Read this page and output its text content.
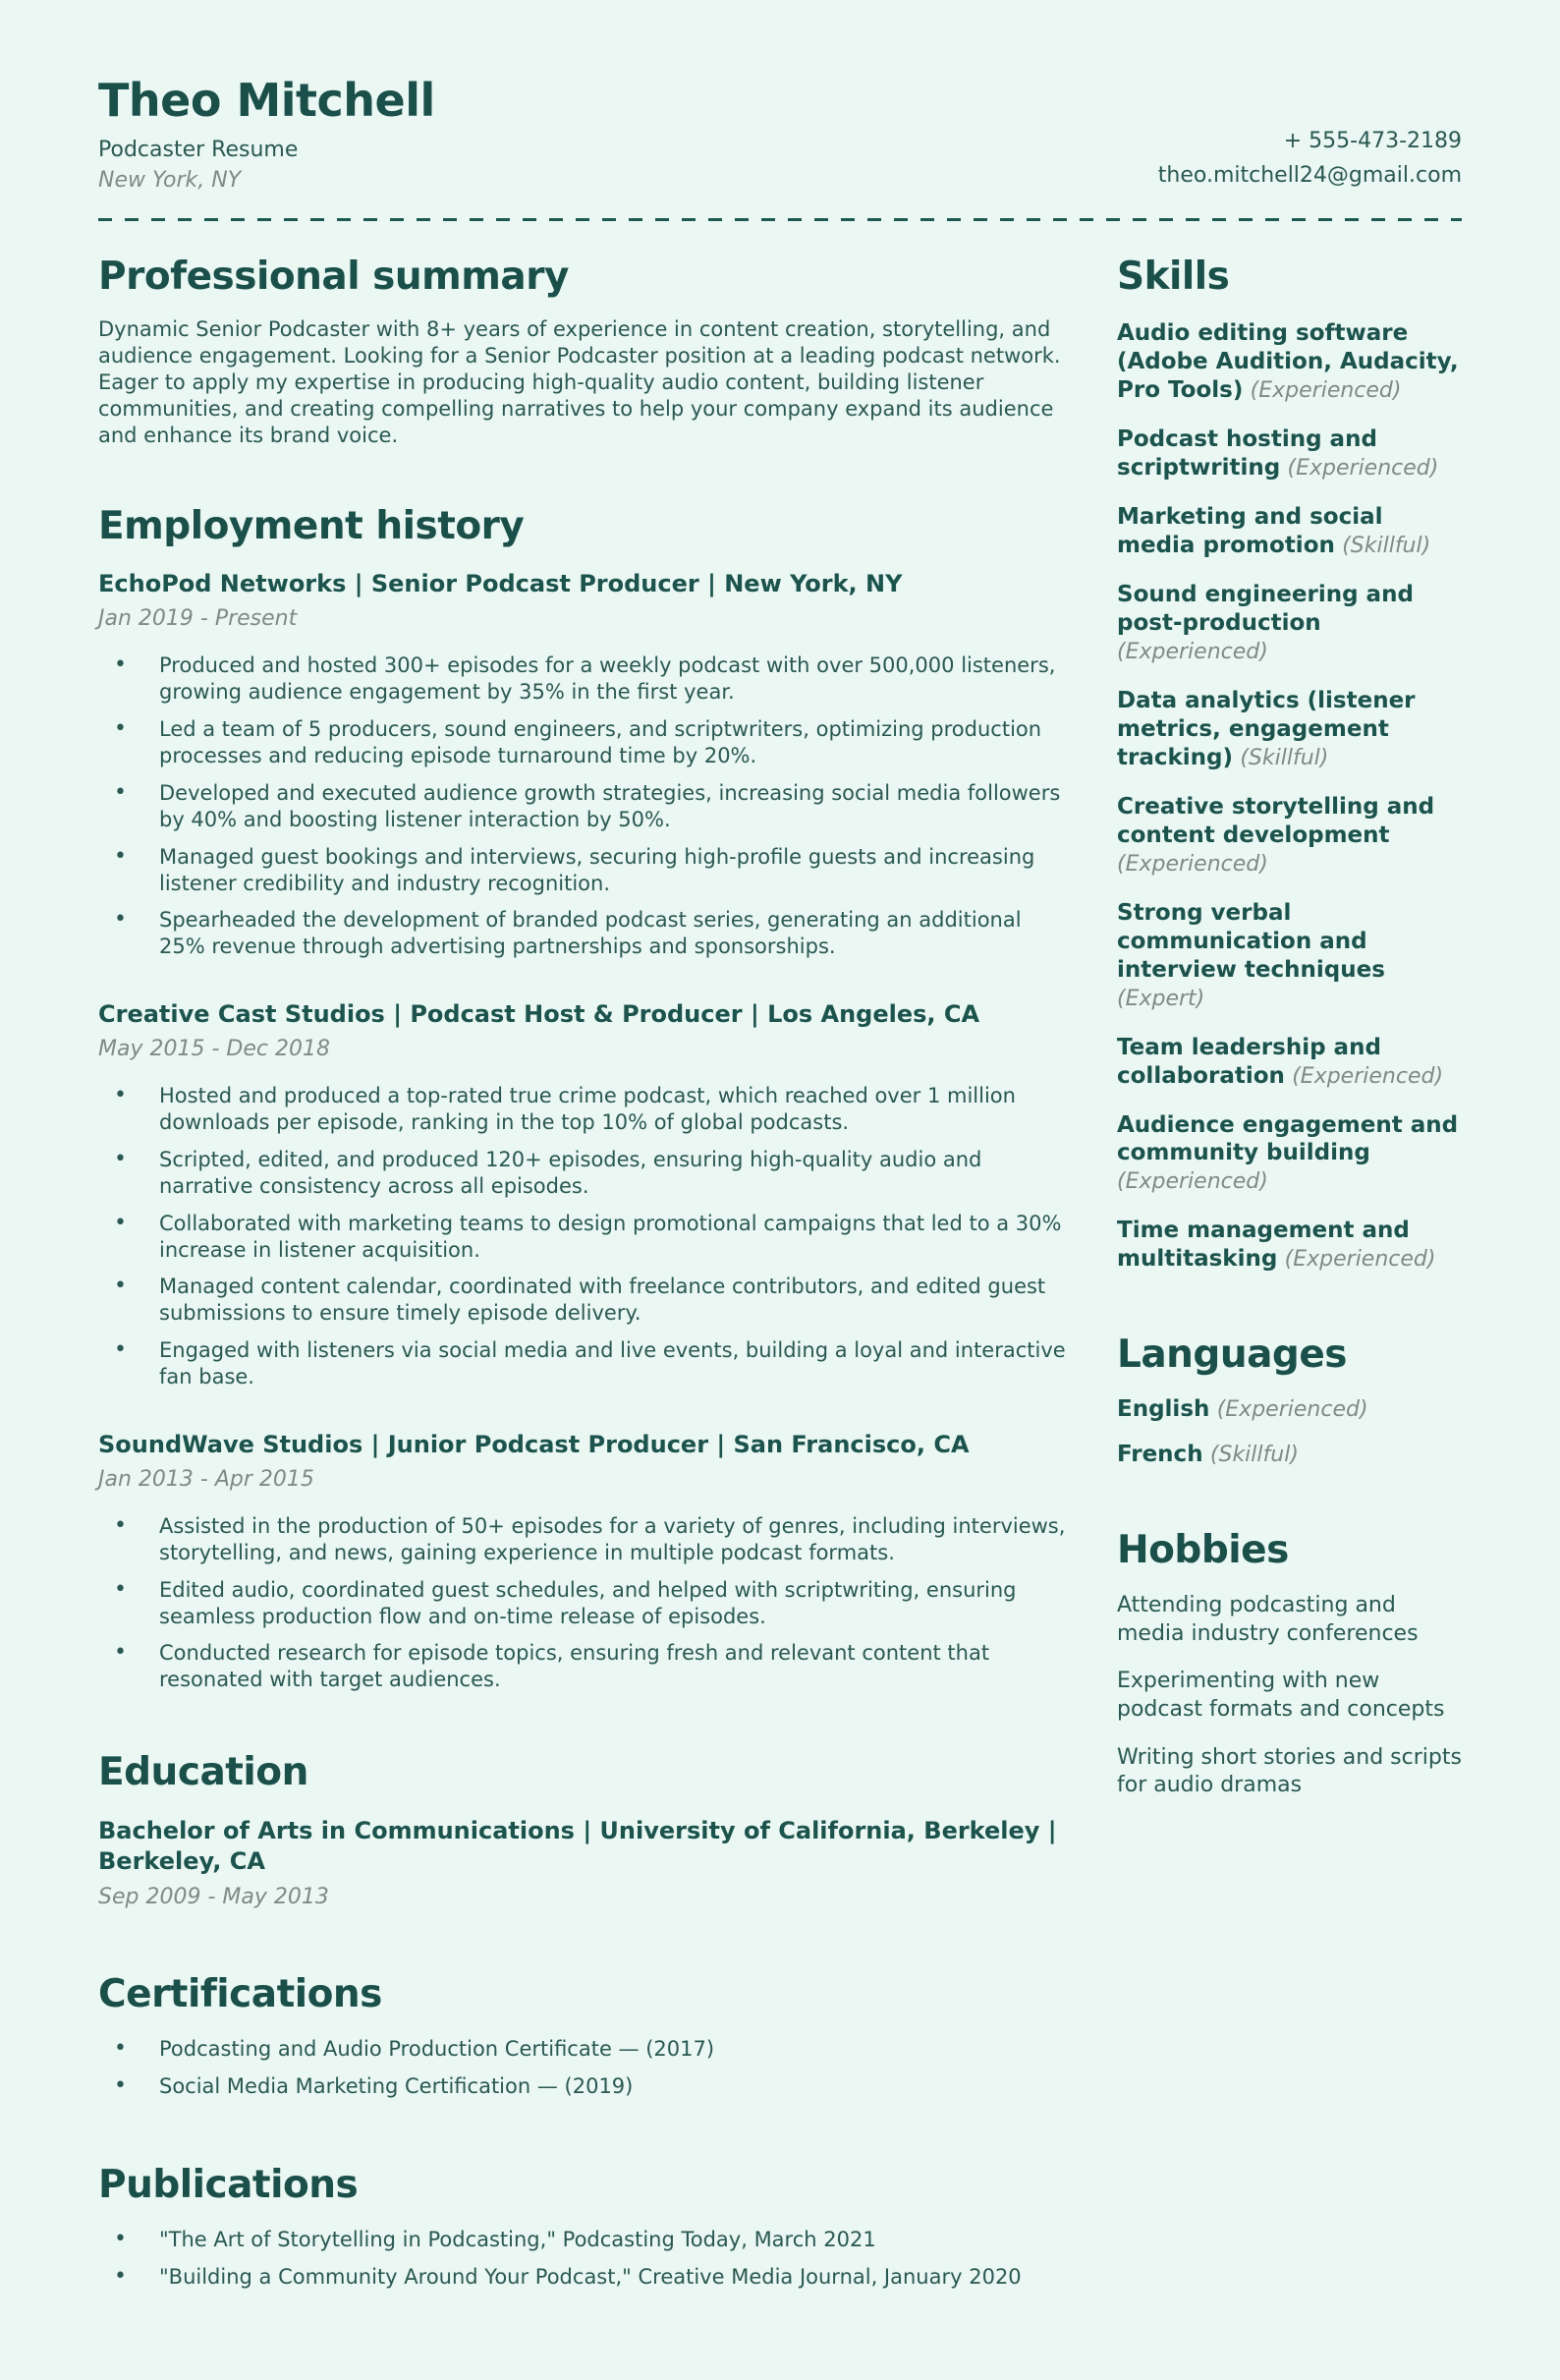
Theo Mitchell
Podcaster Resume
New York, NY
+ 555-473-2189
theo.mitchell24@gmail.com
Professional summary

Dynamic Senior Podcaster with 8+ years of experience in content creation, storytelling, and audience engagement. Looking for a Senior Podcaster position at a leading podcast network. Eager to apply my expertise in producing high-quality audio content, building listener communities, and creating compelling narratives to help your company expand its audience and enhance its brand voice.

Employment history
EchoPod Networks | Senior Podcast Producer | New York, NY
Jan 2019 - Present
• Produced and hosted 300+ episodes for a weekly podcast with over 500,000 listeners, growing audience engagement by 35% in the first year.
• Led a team of 5 producers, sound engineers, and scriptwriters, optimizing production processes and reducing episode turnaround time by 20%.
• Developed and executed audience growth strategies, increasing social media followers by 40% and boosting listener interaction by 50%.
• Managed guest bookings and interviews, securing high-profile guests and increasing listener credibility and industry recognition.
• Spearheaded the development of branded podcast series, generating an additional 25% revenue through advertising partnerships and sponsorships.
Creative Cast Studios | Podcast Host & Producer | Los Angeles, CA
May 2015 - Dec 2018
• Hosted and produced a top-rated true crime podcast, which reached over 1 million downloads per episode, ranking in the top 10% of global podcasts.
• Scripted, edited, and produced 120+ episodes, ensuring high-quality audio and narrative consistency across all episodes.
• Collaborated with marketing teams to design promotional campaigns that led to a 30% increase in listener acquisition.
• Managed content calendar, coordinated with freelance contributors, and edited guest submissions to ensure timely episode delivery.
• Engaged with listeners via social media and live events, building a loyal and interactive fan base.
SoundWave Studios | Junior Podcast Producer | San Francisco, CA
Jan 2013 - Apr 2015
• Assisted in the production of 50+ episodes for a variety of genres, including interviews, storytelling, and news, gaining experience in multiple podcast formats.
• Edited audio, coordinated guest schedules, and helped with scriptwriting, ensuring seamless production flow and on-time release of episodes.
• Conducted research for episode topics, ensuring fresh and relevant content that resonated with target audiences.
Education
Bachelor of Arts in Communications | University of California, Berkeley | Berkeley, CA
Sep 2009 - May 2013
Certifications
• Podcasting and Audio Production Certificate — (2017)
• Social Media Marketing Certification — (2019)
Publications
• "The Art of Storytelling in Podcasting," Podcasting Today, March 2021
• "Building a Community Around Your Podcast," Creative Media Journal, January 2020
Skills
Audio editing software (Adobe Audition, Audacity, Pro Tools) (Experienced)
Podcast hosting and scriptwriting (Experienced)
Marketing and social media promotion (Skillful)
Sound engineering and post-production (Experienced)
Data analytics (listener metrics, engagement tracking) (Skillful)
Creative storytelling and content development (Experienced)
Strong verbal communication and interview techniques (Expert)
Team leadership and collaboration (Experienced)
Audience engagement and community building (Experienced)
Time management and multitasking (Experienced)
Languages
English (Experienced)
French (Skillful)
Hobbies
Attending podcasting and media industry conferences
Experimenting with new podcast formats and concepts
Writing short stories and scripts for audio dramas
